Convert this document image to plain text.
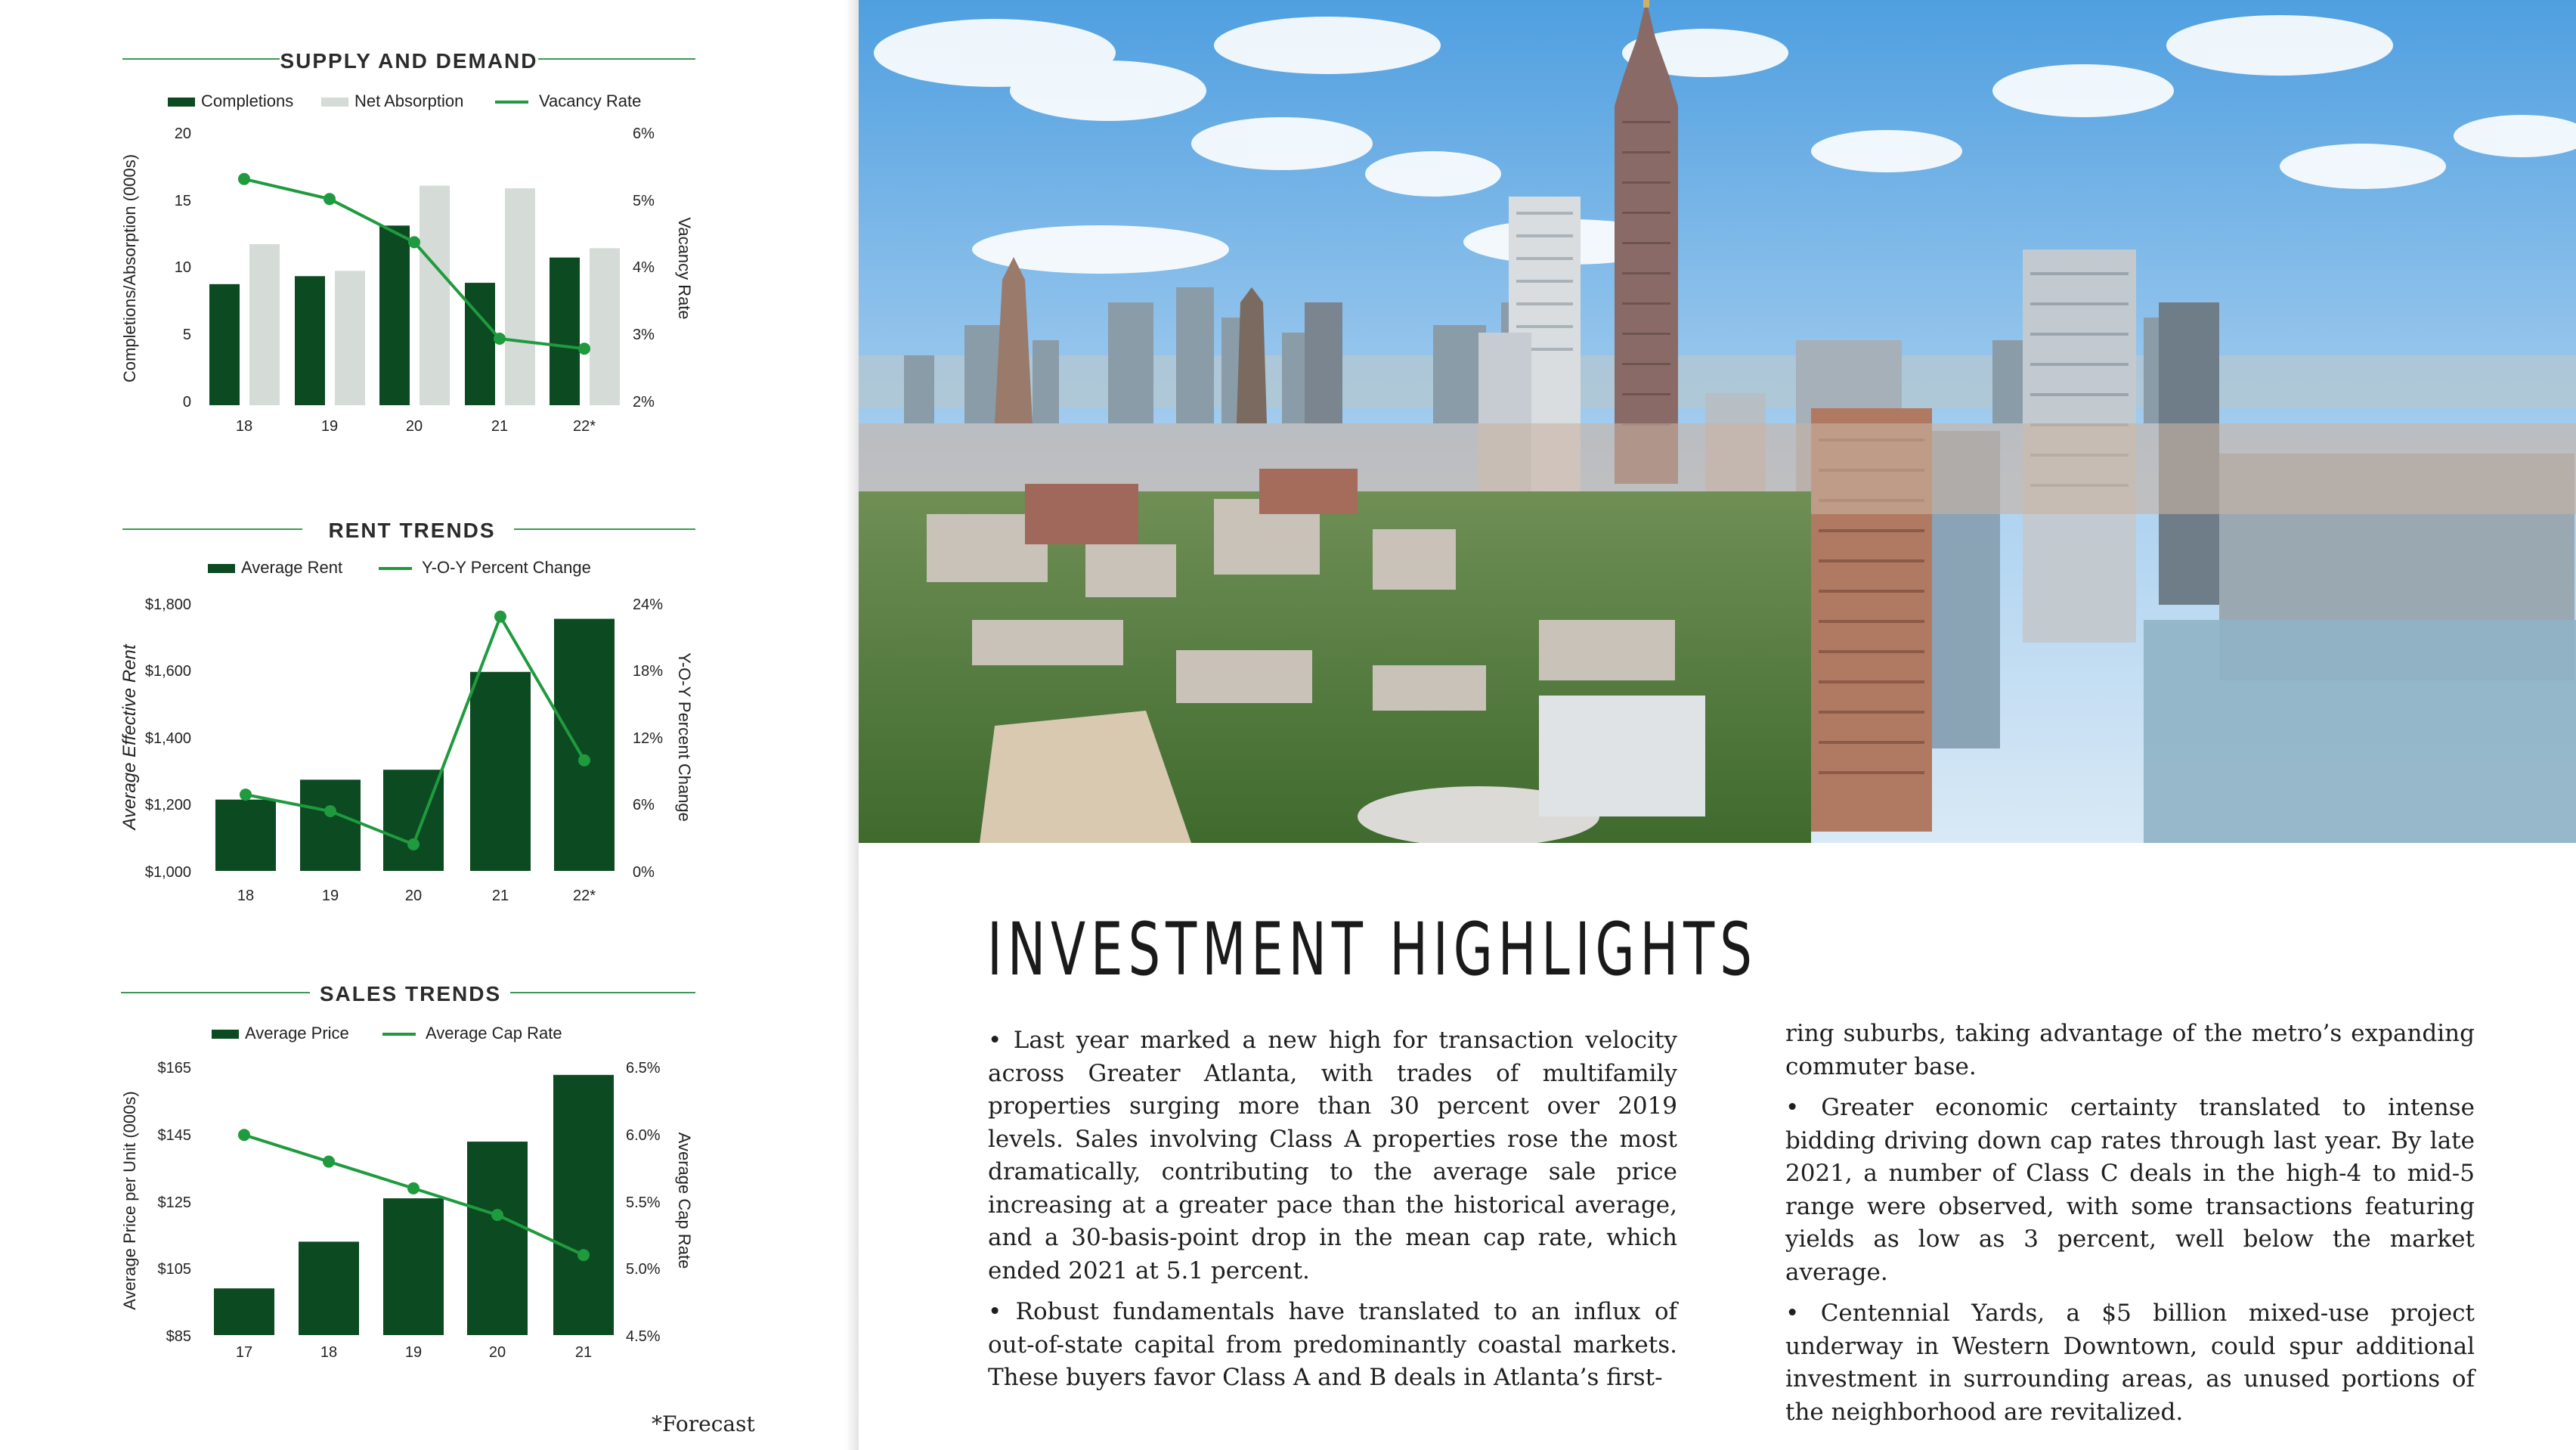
SUPPLY AND DEMAND
Completions	Net Absorption	Vacancy Rate
0
5
10
15
20
2%
3%
4%
5%
6%
Completions/Absorption (000s)	Vacancy Rate
18	19	20	21	22*
RENT TRENDS
Average Rent	Y-O-Y Percent Change
$1,000
$1,200
$1,400
$1,600
$1,800
0%
6%
12%
18%
24%
Average Effective Rent	Y-O-Y Percent Change
18	19	20	21	22*
SALES TRENDS
Average Price	Average Cap Rate
$85
$105
$125
$145
$165
4.5%
5.0%
5.5%
6.0%
6.5%
Average Price per Unit (000s)	Average Cap Rate
17	18	19	20	21
*Forecast
INVESTMENT HIGHLIGHTS

• Last year marked a new high for transaction velocity across Greater Atlanta, with trades of multifamily properties surging more than 30 percent over 2019 levels. Sales involving Class A properties rose the most dramatically, contributing to the average sale price increasing at a greater pace than the historical average, and a 30-basis-point drop in the mean cap rate, which ended 2021 at 5.1 percent.

• Robust fundamentals have translated to an influx of out-of-state capital from predominantly coastal markets. These buyers favor Class A and B deals in Atlanta’s first-

ring suburbs, taking advantage of the metro’s expanding commuter base.

• Greater economic certainty translated to intense bidding driving down cap rates through last year. By late 2021, a number of Class C deals in the high-4 to mid-5 range were observed, with some transactions featuring yields as low as 3 percent, well below the market average.

• Centennial Yards, a $5 billion mixed-use project underway in Western Downtown, could spur additional investment in surrounding areas, as unused portions of the neighborhood are revitalized.
